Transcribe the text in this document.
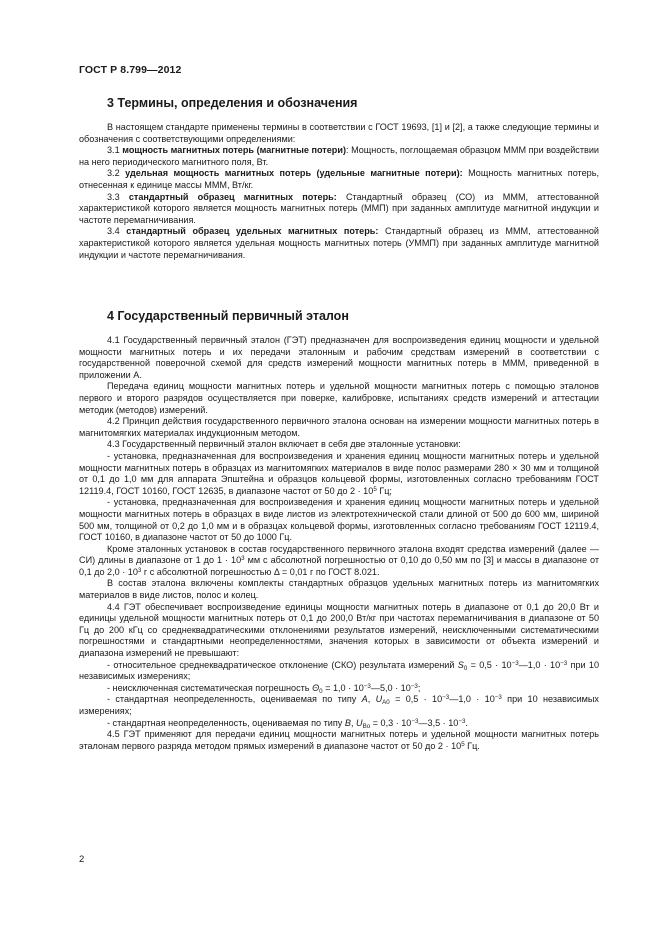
ГОСТ Р 8.799—2012
3 Термины, определения и обозначения

В настоящем стандарте применены термины в соответствии с ГОСТ 19693, [1] и [2], а также следующие термины и обозначения с соответствующими определениями:

3.1 мощность магнитных потерь (магнитные потери): Мощность, поглощаемая образцом МММ при воздействии на него периодического магнитного поля, Вт.

3.2 удельная мощность магнитных потерь (удельные магнитные потери): Мощность магнитных потерь, отнесенная к единице массы МММ, Вт/кг.

3.3 стандартный образец магнитных потерь: Стандартный образец (СО) из МММ, аттестованной характеристикой которого является мощность магнитных потерь (ММП) при заданных амплитуде магнитной индукции и частоте перемагничивания.

3.4 стандартный образец удельных магнитных потерь: Стандартный образец из МММ, аттестованной характеристикой которого является удельная мощность магнитных потерь (УММП) при заданных амплитуде магнитной индукции и частоте перемагничивания.

4 Государственный первичный эталон

4.1 Государственный первичный эталон (ГЭТ) предназначен для воспроизведения единиц мощности и удельной мощности магнитных потерь и их передачи эталонным и рабочим средствам измерений в соответствии с государственной поверочной схемой для средств измерений мощности магнитных потерь в МММ, приведенной в приложении А.

Передача единиц мощности магнитных потерь и удельной мощности магнитных потерь с помощью эталонов первого и второго разрядов осуществляется при поверке, калибровке, испытаниях средств измерений и аттестации методик (методов) измерений.

4.2 Принцип действия государственного первичного эталона основан на измерении мощности магнитных потерь в магнитомягких материалах индукционным методом.

4.3 Государственный первичный эталон включает в себя две эталонные установки:

- установка, предназначенная для воспроизведения и хранения единиц мощности магнитных потерь и удельной мощности магнитных потерь в образцах из магнитомягких материалов в виде полос размерами 280 × 30 мм и толщиной от 0,1 до 1,0 мм для аппарата Эпштейна и образцов кольцевой формы, изготовленных согласно требованиям ГОСТ 12119.4, ГОСТ 10160, ГОСТ 12635, в диапазоне частот от 50 до $2 \cdot 10^5$ Гц;

- установка, предназначенная для воспроизведения и хранения единиц мощности магнитных потерь и удельной мощности магнитных потерь в образцах в виде листов из электротехнической стали длиной от 500 до 600 мм, шириной 500 мм, толщиной от 0,2 до 1,0 мм и в образцах кольцевой формы, изготовленных согласно требованиям ГОСТ 12119.4, ГОСТ 10160, в диапазоне частот от 50 до 1000 Гц.

Кроме эталонных установок в состав государственного первичного эталона входят средства измерений (далее — СИ) длины в диапазоне от 1 до $1 \cdot 10^3$ мм с абсолютной погрешностью от 0,10 до 0,50 мм по [3] и массы в диапазоне от 0,1 до $2,0 \cdot 10^3$ г с абсолютной погрешностью Δ = 0,01 г по ГОСТ 8.021.

В состав эталона включены комплекты стандартных образцов удельных магнитных потерь из магнитомягких материалов в виде листов, полос и колец.

4.4 ГЭТ обеспечивает воспроизведение единицы мощности магнитных потерь в диапазоне от 0,1 до 20,0 Вт и единицы удельной мощности магнитных потерь от 0,1 до 200,0 Вт/кг при частотах перемагничивания в диапазоне от 50 Гц до 200 кГц со среднеквадратическими отклонениями результатов измерений, неисключенными систематическими погрешностями и стандартными неопределенностями, значения которых в зависимости от объекта измерений и диапазона измерений не превышают:

- относительное среднеквадратическое отклонение (СКО) результата измерений $S_0 = 0,5$ · $10^{-3}—1,0 \cdot 10^{-3}$ при 10 независимых измерениях;

- неисключенная систематическая погрешность $\Theta_0 = 1,0$ · $10^{-3}—5,0 \cdot 10^{-3}$;

- стандартная неопределенность, оцениваемая по типу A, $U_{A0} = 0,5$ · $10^{-3}—1,0 \cdot 10^{-3}$ при 10 независимых измерениях;

- стандартная неопределенность, оцениваемая по типу B, $U_{Bo} = 0,3$ · $10^{-3}—3,5 \cdot 10^{-3}$.

4.5 ГЭТ применяют для передачи единиц мощности магнитных потерь и удельной мощности магнитных потерь эталонам первого разряда методом прямых измерений в диапазоне частот от 50 до $2 \cdot 10^5$ Гц.

2
